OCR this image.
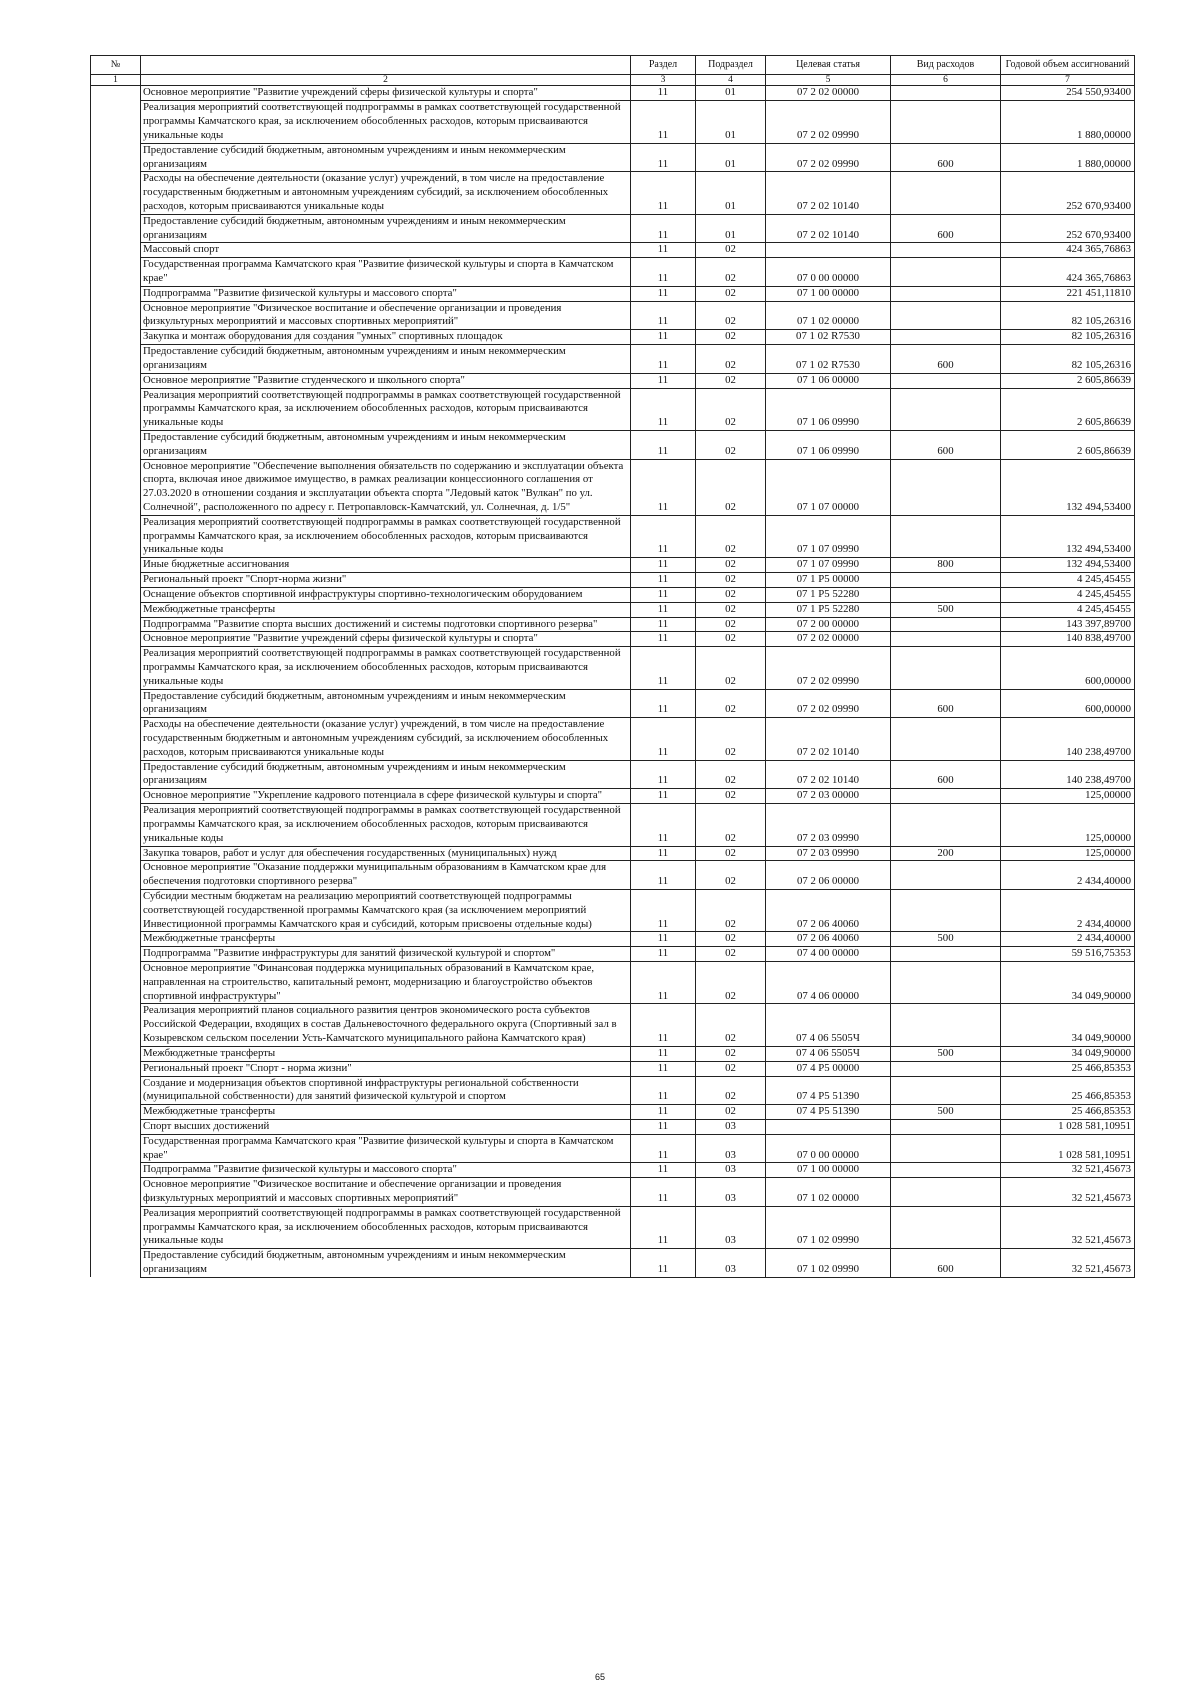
№		Раздел	Подраздел	Целевая статья	Вид расходов	Годовой объем ассигнований
1	2	3	4	5	6	7
	Основное мероприятие "Развитие учреждений сферы физической культуры и спорта"	11	01	07 2 02 00000		254 550,93400
	Реализация мероприятий соответствующей подпрограммы в рамках соответствующей государственной программы Камчатского края, за исключением обособленных расходов, которым присваиваются уникальные коды	11	01	07 2 02 09990		1 880,00000
	Предоставление субсидий бюджетным, автономным учреждениям и иным некоммерческим организациям	11	01	07 2 02 09990	600	1 880,00000
	Расходы на обеспечение деятельности (оказание услуг) учреждений, в том числе на предоставление государственным бюджетным и автономным учреждениям субсидий, за исключением обособленных расходов, которым присваиваются уникальные коды	11	01	07 2 02 10140		252 670,93400
	Предоставление субсидий бюджетным, автономным учреждениям и иным некоммерческим организациям	11	01	07 2 02 10140	600	252 670,93400
	Массовый спорт	11	02			424 365,76863
	Государственная программа Камчатского края "Развитие физической культуры и спорта в Камчатском крае"	11	02	07 0 00 00000		424 365,76863
	Подпрограмма "Развитие физической культуры и массового спорта"	11	02	07 1 00 00000		221 451,11810
	Основное мероприятие "Физическое воспитание и обеспечение организации и проведения физкультурных мероприятий и массовых спортивных мероприятий"	11	02	07 1 02 00000		82 105,26316
	Закупка и монтаж оборудования для создания "умных" спортивных площадок	11	02	07 1 02 R7530		82 105,26316
	Предоставление субсидий бюджетным, автономным учреждениям и иным некоммерческим организациям	11	02	07 1 02 R7530	600	82 105,26316
	Основное мероприятие "Развитие студенческого и школьного спорта"	11	02	07 1 06 00000		2 605,86639
	Реализация мероприятий соответствующей подпрограммы в рамках соответствующей государственной программы Камчатского края, за исключением обособленных расходов, которым присваиваются уникальные коды	11	02	07 1 06 09990		2 605,86639
	Предоставление субсидий бюджетным, автономным учреждениям и иным некоммерческим организациям	11	02	07 1 06 09990	600	2 605,86639
	Основное мероприятие "Обеспечение выполнения обязательств по содержанию и эксплуатации объекта спорта, включая иное движимое имущество, в рамках реализации концессионного соглашения от 27.03.2020 в отношении создания и эксплуатации объекта спорта "Ледовый каток "Вулкан" по ул. Солнечной", расположенного по адресу г. Петропавловск-Камчатский, ул. Солнечная, д. 1/5"	11	02	07 1 07 00000		132 494,53400
	Реализация мероприятий соответствующей подпрограммы в рамках соответствующей государственной программы Камчатского края, за исключением обособленных расходов, которым присваиваются уникальные коды	11	02	07 1 07 09990		132 494,53400
	Иные бюджетные ассигнования	11	02	07 1 07 09990	800	132 494,53400
	Региональный проект "Спорт-норма жизни"	11	02	07 1 P5 00000		4 245,45455
	Оснащение объектов спортивной инфраструктуры спортивно-технологическим оборудованием	11	02	07 1 P5 52280		4 245,45455
	Межбюджетные трансферты	11	02	07 1 P5 52280	500	4 245,45455
	Подпрограмма "Развитие спорта высших достижений и системы подготовки спортивного резерва"	11	02	07 2 00 00000		143 397,89700
	Основное мероприятие "Развитие учреждений сферы физической культуры и спорта"	11	02	07 2 02 00000		140 838,49700
	Реализация мероприятий соответствующей подпрограммы в рамках соответствующей государственной программы Камчатского края, за исключением обособленных расходов, которым присваиваются уникальные коды	11	02	07 2 02 09990		600,00000
	Предоставление субсидий бюджетным, автономным учреждениям и иным некоммерческим организациям	11	02	07 2 02 09990	600	600,00000
	Расходы на обеспечение деятельности (оказание услуг) учреждений, в том числе на предоставление государственным бюджетным и автономным учреждениям субсидий, за исключением обособленных расходов, которым присваиваются уникальные коды	11	02	07 2 02 10140		140 238,49700
	Предоставление субсидий бюджетным, автономным учреждениям и иным некоммерческим организациям	11	02	07 2 02 10140	600	140 238,49700
	Основное мероприятие "Укрепление кадрового потенциала в сфере физической культуры и спорта"	11	02	07 2 03 00000		125,00000
	Реализация мероприятий соответствующей подпрограммы в рамках соответствующей государственной программы Камчатского края, за исключением обособленных расходов, которым присваиваются уникальные коды	11	02	07 2 03 09990		125,00000
	Закупка товаров, работ и услуг для обеспечения государственных (муниципальных) нужд	11	02	07 2 03 09990	200	125,00000
	Основное мероприятие "Оказание поддержки муниципальным образованиям в Камчатском крае для обеспечения подготовки спортивного резерва"	11	02	07 2 06 00000		2 434,40000
	Субсидии местным бюджетам на реализацию мероприятий соответствующей подпрограммы соответствующей государственной программы Камчатского края (за исключением мероприятий Инвестиционной программы Камчатского края и субсидий, которым присвоены отдельные коды)	11	02	07 2 06 40060		2 434,40000
	Межбюджетные трансферты	11	02	07 2 06 40060	500	2 434,40000
	Подпрограмма "Развитие инфраструктуры для занятий физической культурой и спортом"	11	02	07 4 00 00000		59 516,75353
	Основное мероприятие "Финансовая поддержка муниципальных образований в Камчатском крае, направленная на строительство, капитальный ремонт, модернизацию и благоустройство объектов спортивной инфраструктуры"	11	02	07 4 06 00000		34 049,90000
	Реализация мероприятий планов социального развития центров экономического роста субъектов Российской Федерации, входящих в состав Дальневосточного федерального округа (Спортивный зал в Козыревском сельском поселении Усть-Камчатского муниципального района Камчатского края)	11	02	07 4 06 5505Ч		34 049,90000
	Межбюджетные трансферты	11	02	07 4 06 5505Ч	500	34 049,90000
	Региональный проект "Спорт - норма жизни"	11	02	07 4 P5 00000		25 466,85353
	Создание и модернизация объектов спортивной инфраструктуры региональной собственности (муниципальной собственности) для занятий физической культурой и спортом	11	02	07 4 P5 51390		25 466,85353
	Межбюджетные трансферты	11	02	07 4 P5 51390	500	25 466,85353
	Спорт высших достижений	11	03			1 028 581,10951
	Государственная программа Камчатского края "Развитие физической культуры и спорта в Камчатском крае"	11	03	07 0 00 00000		1 028 581,10951
	Подпрограмма "Развитие физической культуры и массового спорта"	11	03	07 1 00 00000		32 521,45673
	Основное мероприятие "Физическое воспитание и обеспечение организации и проведения физкультурных мероприятий и массовых спортивных мероприятий"	11	03	07 1 02 00000		32 521,45673
	Реализация мероприятий соответствующей подпрограммы в рамках соответствующей государственной программы Камчатского края, за исключением обособленных расходов, которым присваиваются уникальные коды	11	03	07 1 02 09990		32 521,45673
	Предоставление субсидий бюджетным, автономным учреждениям и иным некоммерческим организациям	11	03	07 1 02 09990	600	32 521,45673
65
